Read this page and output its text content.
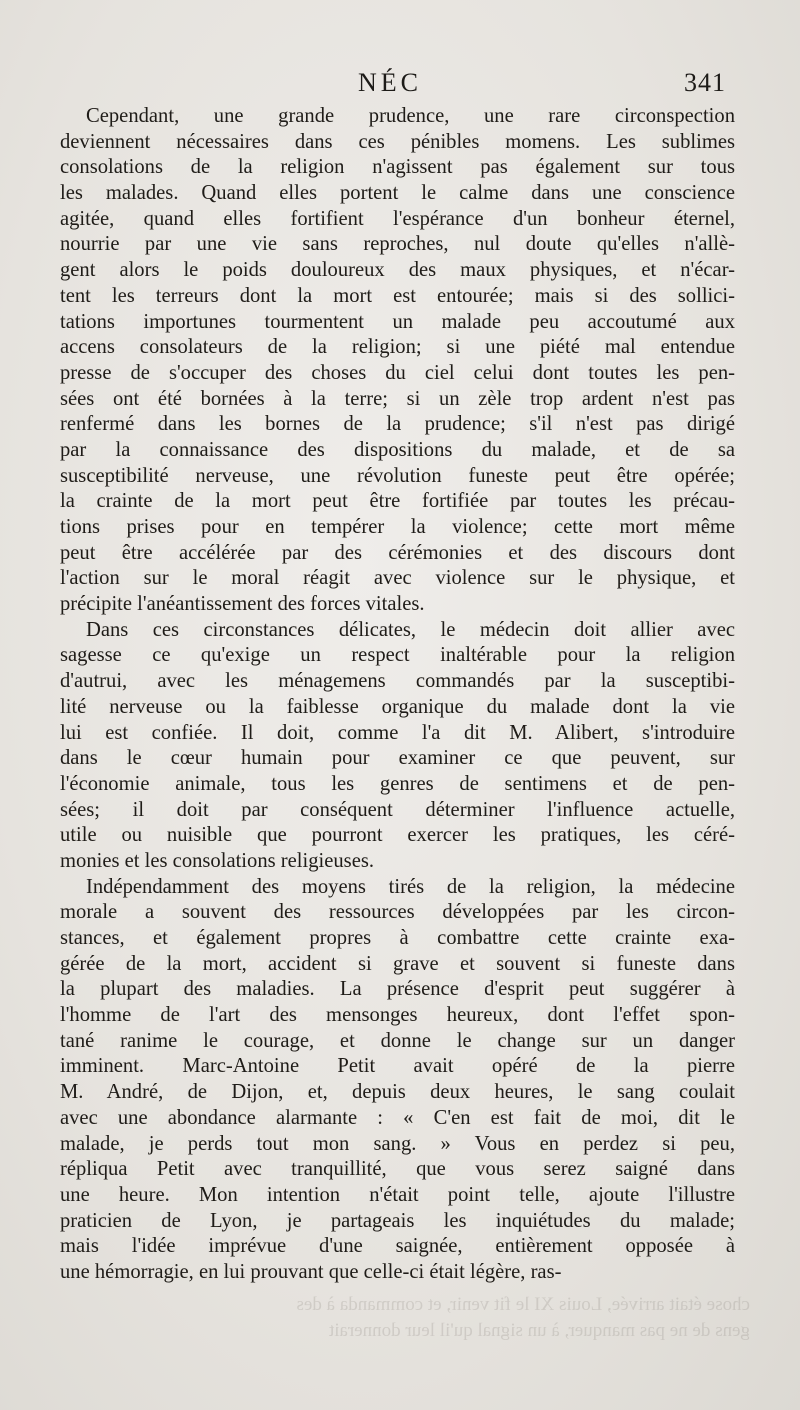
NÉC	341
Cependant, une grande prudence, une rare circonspection
deviennent nécessaires dans ces pénibles momens. Les sublimes
consolations de la religion n'agissent pas également sur tous
les malades. Quand elles portent le calme dans une conscience
agitée, quand elles fortifient l'espérance d'un bonheur éternel,
nourrie par une vie sans reproches, nul doute qu'elles n'allè-
gent alors le poids douloureux des maux physiques, et n'écar-
tent les terreurs dont la mort est entourée; mais si des sollici-
tations importunes tourmentent un malade peu accoutumé aux
accens consolateurs de la religion; si une piété mal entendue
presse de s'occuper des choses du ciel celui dont toutes les pen-
sées ont été bornées à la terre; si un zèle trop ardent n'est pas
renfermé dans les bornes de la prudence; s'il n'est pas dirigé
par la connaissance des dispositions du malade, et de sa
susceptibilité nerveuse, une révolution funeste peut être opérée;
la crainte de la mort peut être fortifiée par toutes les précau-
tions prises pour en tempérer la violence; cette mort même
peut être accélérée par des cérémonies et des discours dont
l'action sur le moral réagit avec violence sur le physique, et
précipite l'anéantissement des forces vitales.
Dans ces circonstances délicates, le médecin doit allier avec
sagesse ce qu'exige un respect inaltérable pour la religion
d'autrui, avec les ménagemens commandés par la susceptibi-
lité nerveuse ou la faiblesse organique du malade dont la vie
lui est confiée. Il doit, comme l'a dit M. Alibert, s'introduire
dans le cœur humain pour examiner ce que peuvent, sur
l'économie animale, tous les genres de sentimens et de pen-
sées; il doit par conséquent déterminer l'influence actuelle,
utile ou nuisible que pourront exercer les pratiques, les céré-
monies et les consolations religieuses.
Indépendamment des moyens tirés de la religion, la médecine
morale a souvent des ressources développées par les circon-
stances, et également propres à combattre cette crainte exa-
gérée de la mort, accident si grave et souvent si funeste dans
la plupart des maladies. La présence d'esprit peut suggérer à
l'homme de l'art des mensonges heureux, dont l'effet spon-
tané ranime le courage, et donne le change sur un danger
imminent. Marc-Antoine Petit avait opéré de la pierre
M. André, de Dijon, et, depuis deux heures, le sang coulait
avec une abondance alarmante : « C'en est fait de moi, dit le
malade, je perds tout mon sang. » Vous en perdez si peu,
répliqua Petit avec tranquillité, que vous serez saigné dans
une heure. Mon intention n'était point telle, ajoute l'illustre
praticien de Lyon, je partageais les inquiétudes du malade;
mais l'idée imprévue d'une saignée, entièrement opposée à
une hémorragie, en lui prouvant que celle-ci était légère, ras-
chose était arrivée, Louis XI le fit venir, et commanda à des
gens de ne pas manquer, à un signal qu'il leur donnerait
